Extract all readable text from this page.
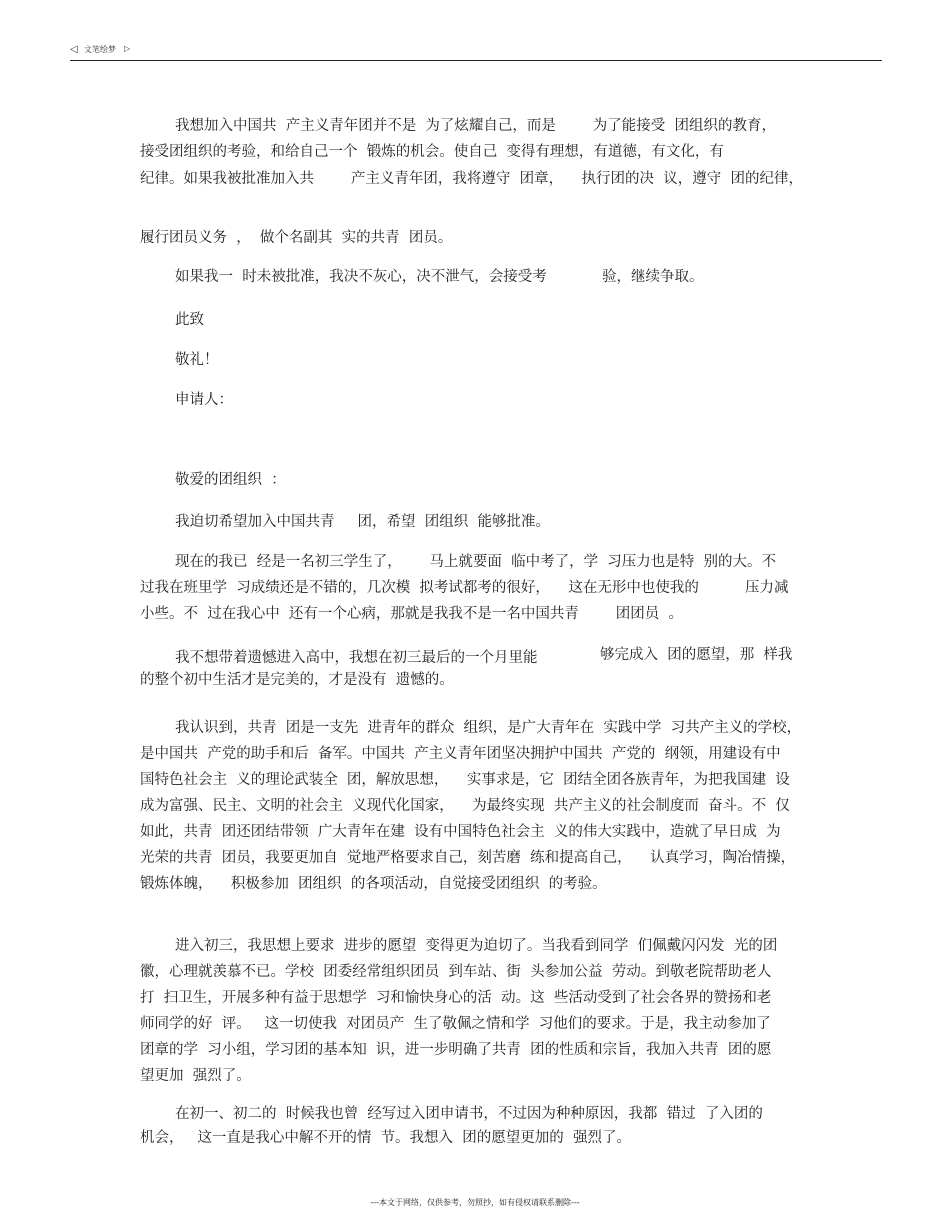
◁ 文笔绘梦 ▷
我想加入中国共  产主义青年团并不是  为了炫耀自己，而是        为了能接受  团组织的教育，
接受团组织的考验，和给自己一个  锻炼的机会。使自己  变得有理想，有道德，有文化，有
纪律。如果我被批准加入共        产主义青年团，我将遵守  团章，    执行团的决  议，遵守  团的纪律，
履行团员义务  ，  做个名副其  实的共青  团员。
如果我一  时未被批准，我决不灰心，决不泄气，会接受考            验，继续争取。
此致
敬礼！
申请人：
敬爱的团组织  ：
我迫切希望加入中国共青     团，希望  团组织  能够批准。
现在的我已  经是一名初三学生了，      马上就要面  临中考了，学  习压力也是特  别的大。不
过我在班里学  习成绩还是不错的，几次模  拟考试都考的很好，    这在无形中也使我的          压力减
小些。不  过在我心中  还有一个心病，那就是我我不是一名中国共青        团团员  。
我不想带着遗憾进入高中，我想在初三最后的一个月里能	够完成入  团的愿望，那  样我
的整个初中生活才是完美的，才是没有  遗憾的。
我认识到，共青  团是一支先  进青年的群众  组织，是广大青年在  实践中学  习共产主义的学校，
是中国共  产党的助手和后  备军。中国共  产主义青年团坚决拥护中国共  产党的  纲领，用建设有中
国特色社会主  义的理论武装全  团，解放思想，    实事求是，它  团结全团各族青年，为把我国建  设
成为富强、民主、文明的社会主  义现代化国家，    为最终实现  共产主义的社会制度而  奋斗。不  仅
如此，共青  团还团结带领  广大青年在建  设有中国特色社会主  义的伟大实践中，造就了早日成  为
光荣的共青  团员，我要更加自  觉地严格要求自己，刻苦磨  练和提高自己，    认真学习，陶冶情操，
锻炼体魄，    积极参加  团组织  的各项活动，自觉接受团组织  的考验。
进入初三，我思想上要求  进步的愿望  变得更为迫切了。当我看到同学  们佩戴闪闪发  光的团
徽，心理就羡慕不已。学校  团委经常组织团员  到车站、街  头参加公益  劳动。到敬老院帮助老人
打  扫卫生，开展多种有益于思想学  习和愉快身心的活  动。这  些活动受到了社会各界的赞扬和老
师同学的好  评。   这一切使我  对团员产  生了敬佩之情和学  习他们的要求。于是，我主动参加了
团章的学  习小组，学习团的基本知  识，进一步明确了共青  团的性质和宗旨，我加入共青  团的愿
望更加  强烈了。
在初一、初二的  时候我也曾  经写过入团申请书，不过因为种种原因，我都  错过  了入团的
机会，   这一直是我心中解不开的情  节。我想入  团的愿望更加的  强烈了。
---本文于网络，仅供参考，勿照抄，如有侵权请联系删除---
